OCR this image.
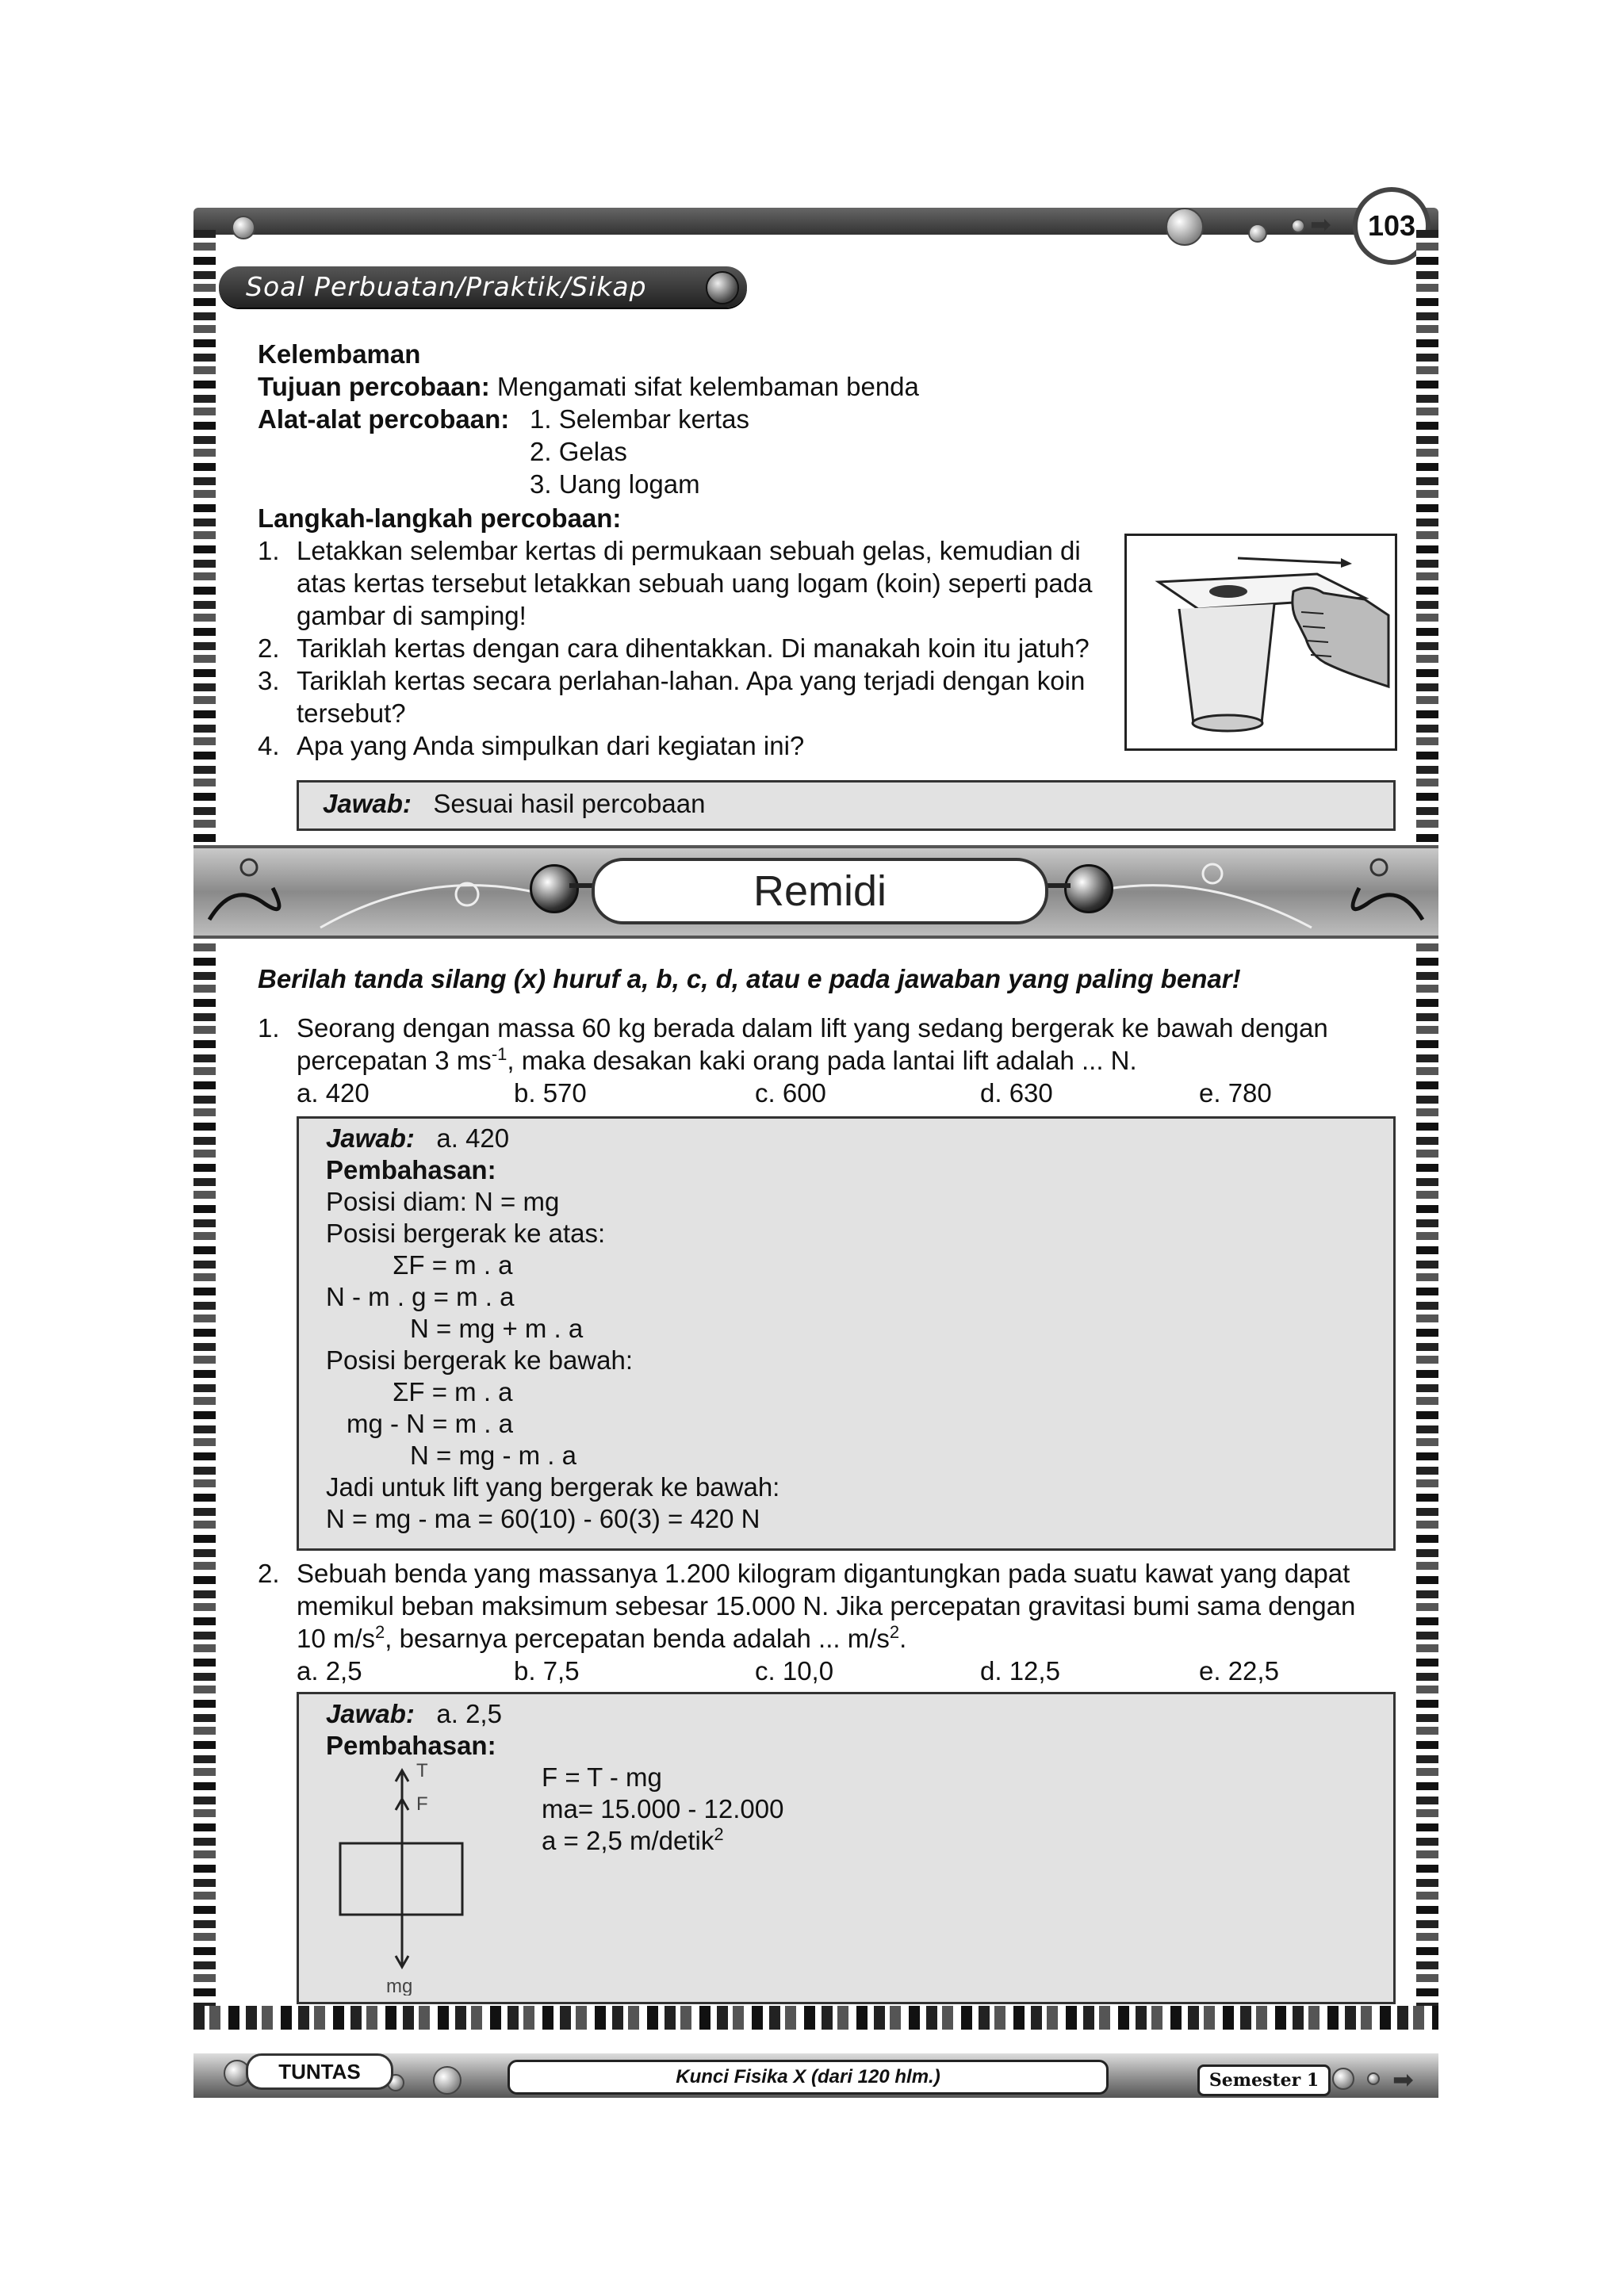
➡	103
Soal Perbuatan/Praktik/Sikap
Kelembaman
Tujuan percobaan: Mengamati sifat kelembaman benda
Alat-alat percobaan: 1. Selembar kertas
2. Gelas
3. Uang logam
Langkah-langkah percobaan:
1. Letakkan selembar kertas di permukaan sebuah gelas, kemudian di
atas kertas tersebut letakkan sebuah uang logam (koin) seperti pada
gambar di samping!
2. Tariklah kertas dengan cara dihentakkan. Di manakah koin itu jatuh?
3. Tariklah kertas secara perlahan-lahan. Apa yang terjadi dengan koin
tersebut?
4. Apa yang Anda simpulkan dari kegiatan ini?
Jawab: Sesuai hasil percobaan
Remidi
Berilah tanda silang (x) huruf a, b, c, d, atau e pada jawaban yang paling benar!
1. Seorang dengan massa 60 kg berada dalam lift yang sedang bergerak ke bawah dengan
percepatan 3 $ms^{-1}$, maka desakan kaki orang pada lantai lift adalah ... N.
a. 420	b. 570	c. 600	d. 630	e. 780
Jawab: a. 420
Pembahasan:
Posisi diam: N = mg
Posisi bergerak ke atas:
ΣF = m . a
N - m . g = m . a
N = mg + m . a
Posisi bergerak ke bawah:
ΣF = m . a
mg - N = m . a
N = mg - m . a
Jadi untuk lift yang bergerak ke bawah:
N = mg - ma = 60(10) - 60(3) = 420 N
2. Sebuah benda yang massanya 1.200 kilogram digantungkan pada suatu kawat yang dapat
memikul beban maksimum sebesar 15.000 N. Jika percepatan gravitasi bumi sama dengan
10 $m/s^2$, besarnya percepatan benda adalah ... $m/s^2$.
a. 2,5	b. 7,5	c. 10,0	d. 12,5	e. 22,5
Jawab: a. 2,5
Pembahasan:
T
F
mg
F = T - mg
ma= 15.000 - 12.000
a = 2,5 m/detik$^2$
➡
TUNTAS	Kunci Fisika X (dari 120 hlm.)	Semester 1
